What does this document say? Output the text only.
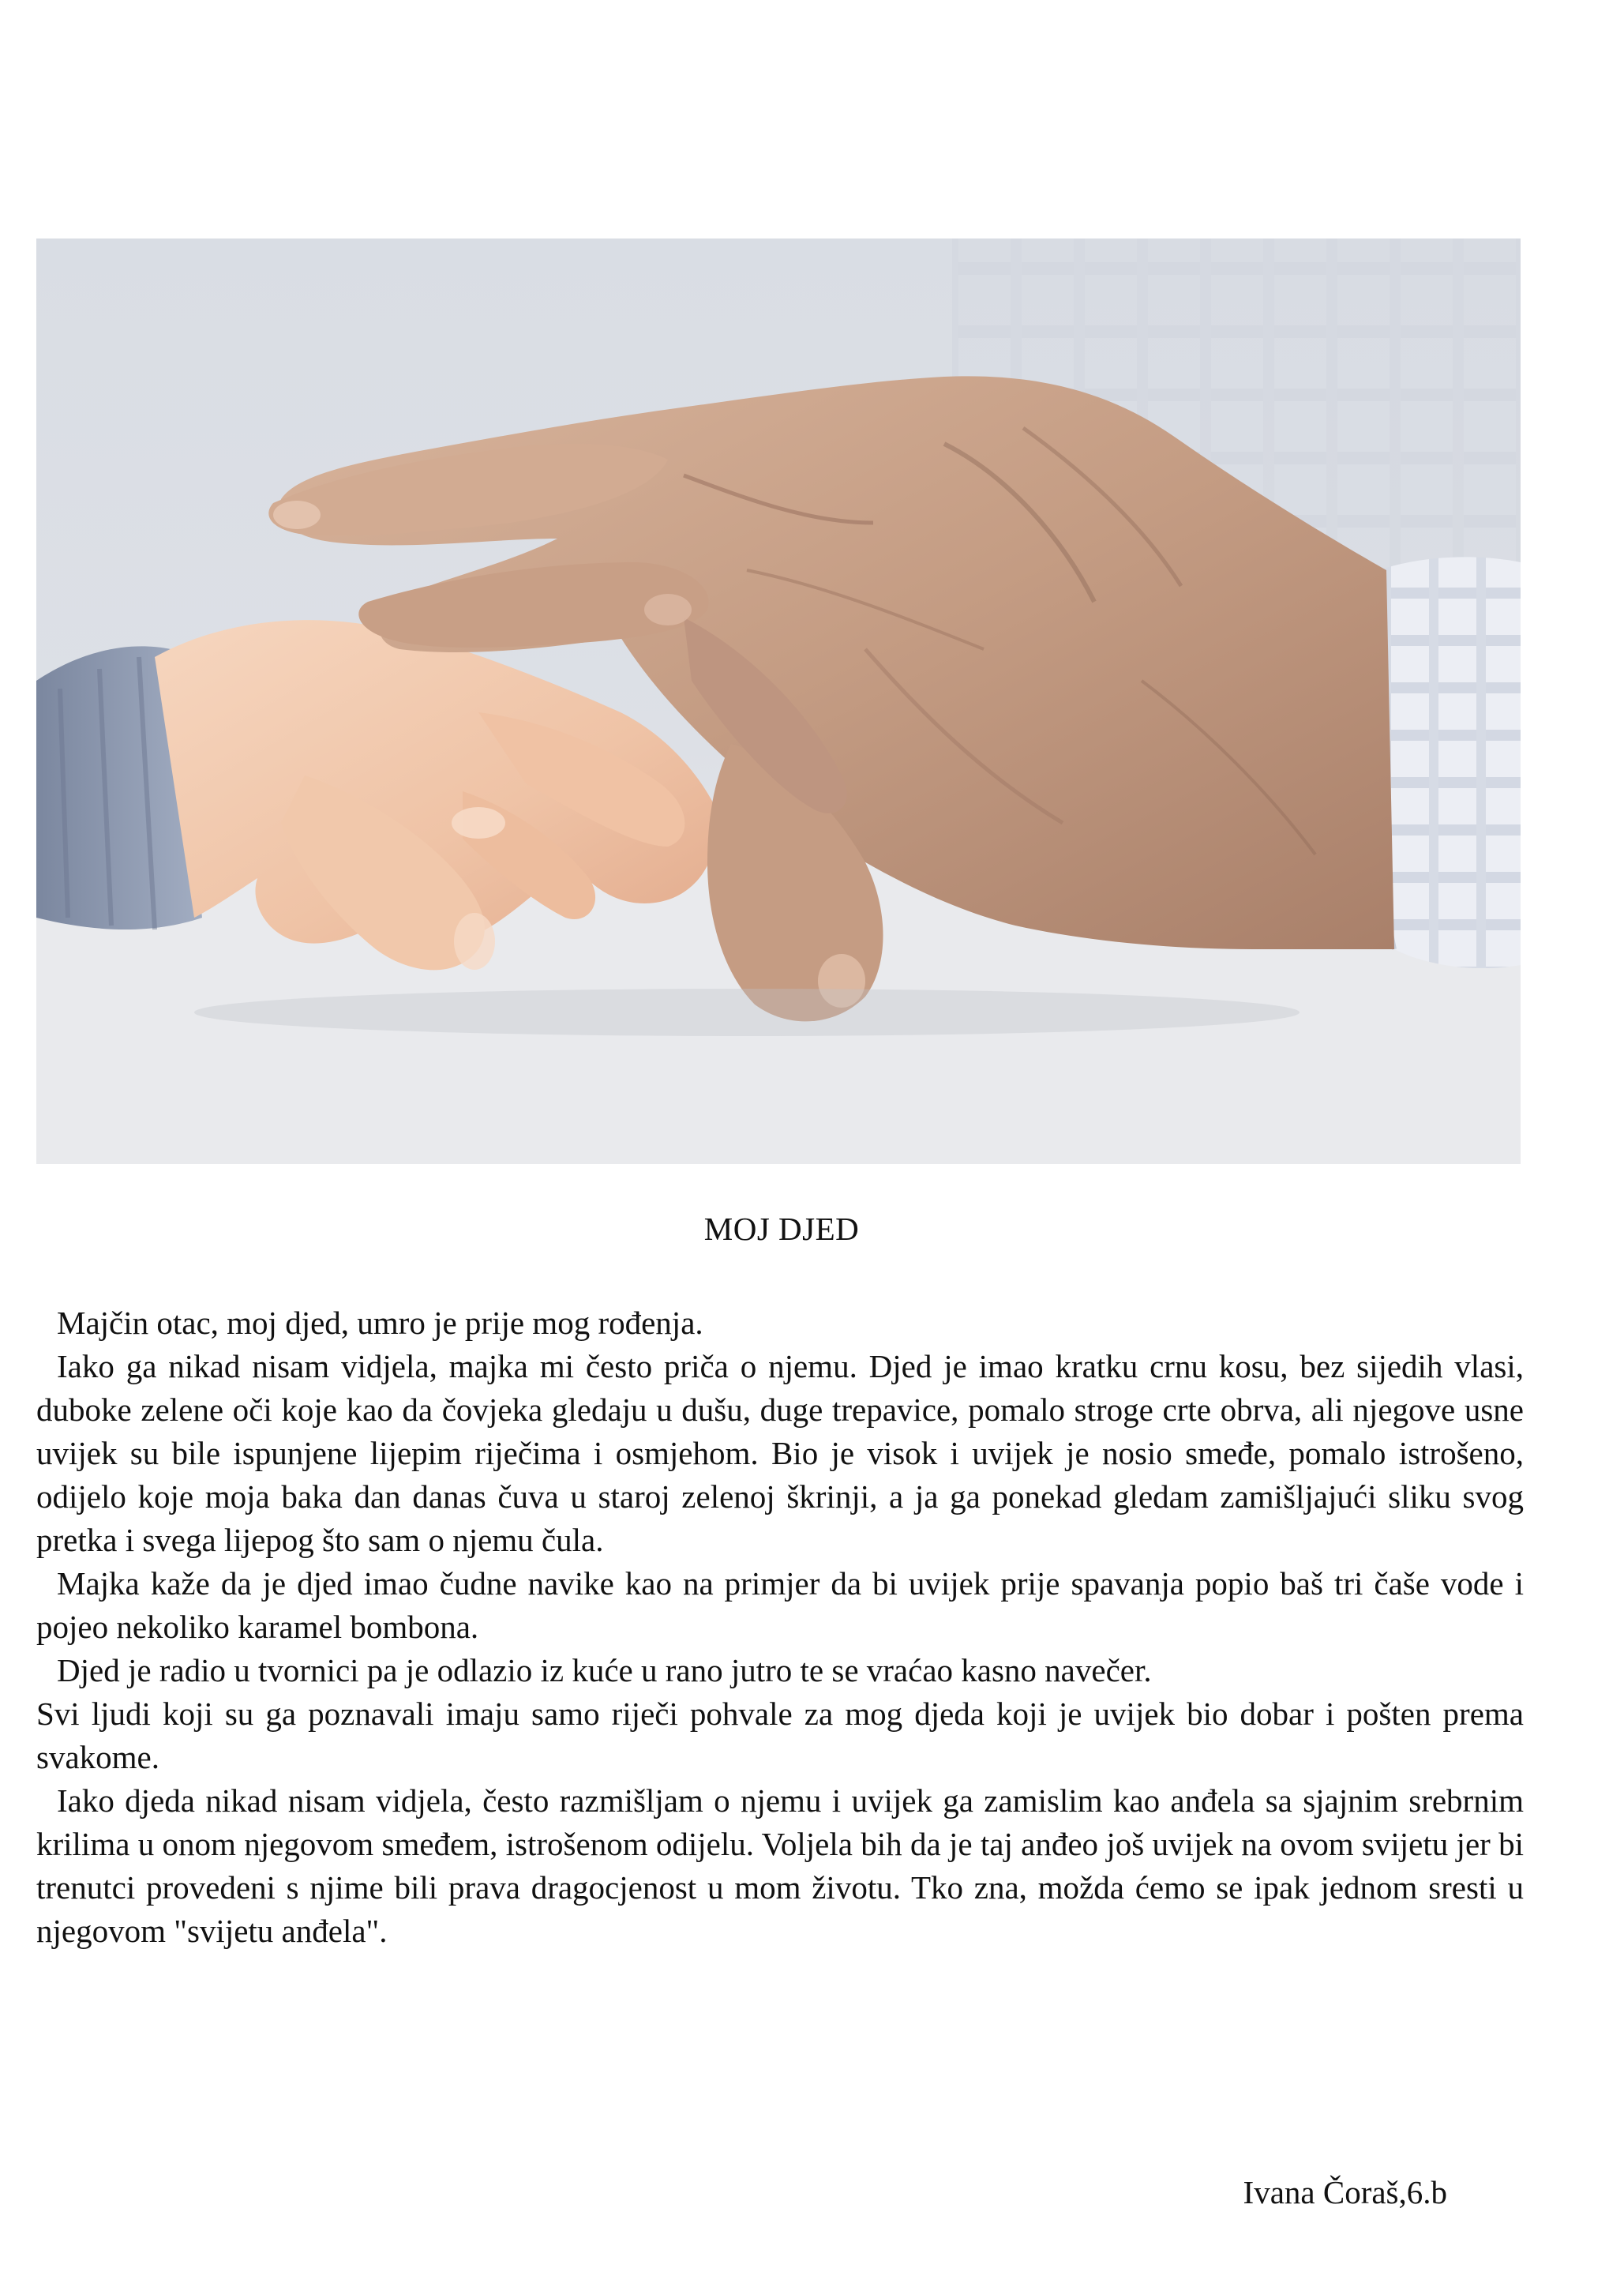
MOJ DJED

Majčin otac, moj djed, umro je prije mog rođenja.

Iako ga nikad nisam vidjela, majka mi često priča o njemu. Djed je imao kratku crnu kosu, bez sijedih vlasi, duboke zelene oči koje kao da čovjeka gledaju u dušu, duge trepavice, pomalo stroge crte obrva, ali njegove usne uvijek su bile ispunjene lijepim riječima i osmjehom. Bio je visok i uvijek je nosio smeđe, pomalo istrošeno, odijelo koje moja baka dan danas čuva u staroj zelenoj škrinji, a ja ga ponekad gledam zamišljajući sliku svog pretka i svega lijepog što sam o njemu čula.

Majka kaže da je djed imao čudne navike kao na primjer da bi uvijek prije spavanja popio baš tri čaše vode i pojeo nekoliko karamel bombona.

Djed je radio u tvornici pa je odlazio iz kuće u rano jutro te se vraćao kasno navečer.

Svi ljudi koji su ga poznavali imaju samo riječi pohvale za mog djeda koji je uvijek bio dobar i pošten prema svakome.

Iako djeda nikad nisam vidjela, često razmišljam o njemu i uvijek ga zamislim kao anđela sa sjajnim srebrnim krilima u onom njegovom smeđem, istrošenom odijelu. Voljela bih da je taj anđeo još uvijek na ovom svijetu jer bi trenutci provedeni s njime bili prava dragocjenost u mom životu. Tko zna, možda ćemo se ipak jednom sresti u njegovom "svijetu anđela".

Ivana Čoraš,6.b
